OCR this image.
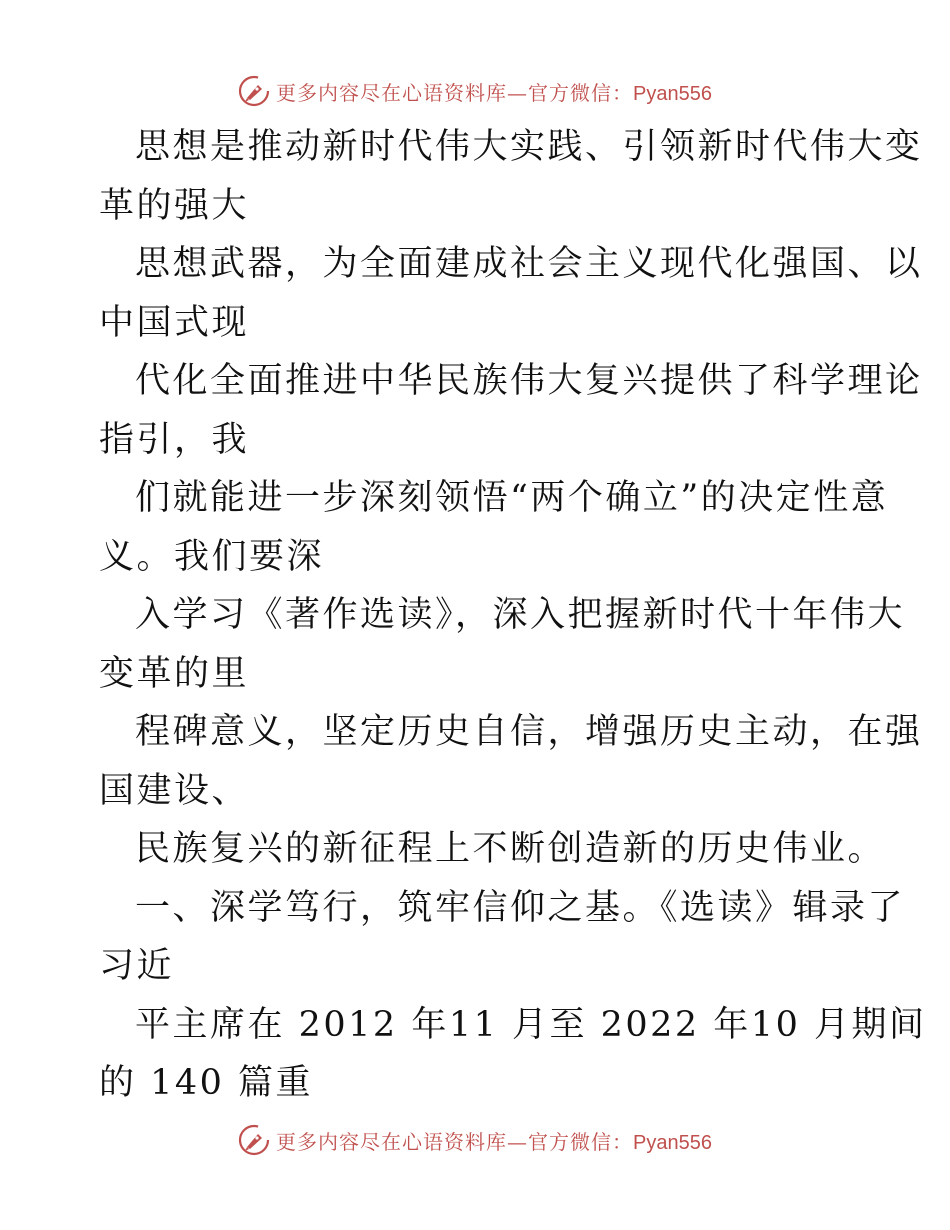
更多内容尽在心语资料库—官方微信：Pyan556

思想是推动新时代伟大实践、引领新时代伟大变

革的强大

思想武器，为全面建成社会主义现代化强国、以

中国式现

代化全面推进中华民族伟大复兴提供了科学理论

指引，我

们就能进一步深刻领悟“两个确立”的决定性意

义。我们要深

入学习《著作选读》，深入把握新时代十年伟大

变革的里

程碑意义，坚定历史自信，增强历史主动，在强

国建设、

民族复兴的新征程上不断创造新的历史伟业。

一、深学笃行，筑牢信仰之基。《选读》辑录了

习近

平主席在 2012 年11 月至 2022 年10 月期间

的 140 篇重

更多内容尽在心语资料库—官方微信：Pyan556
